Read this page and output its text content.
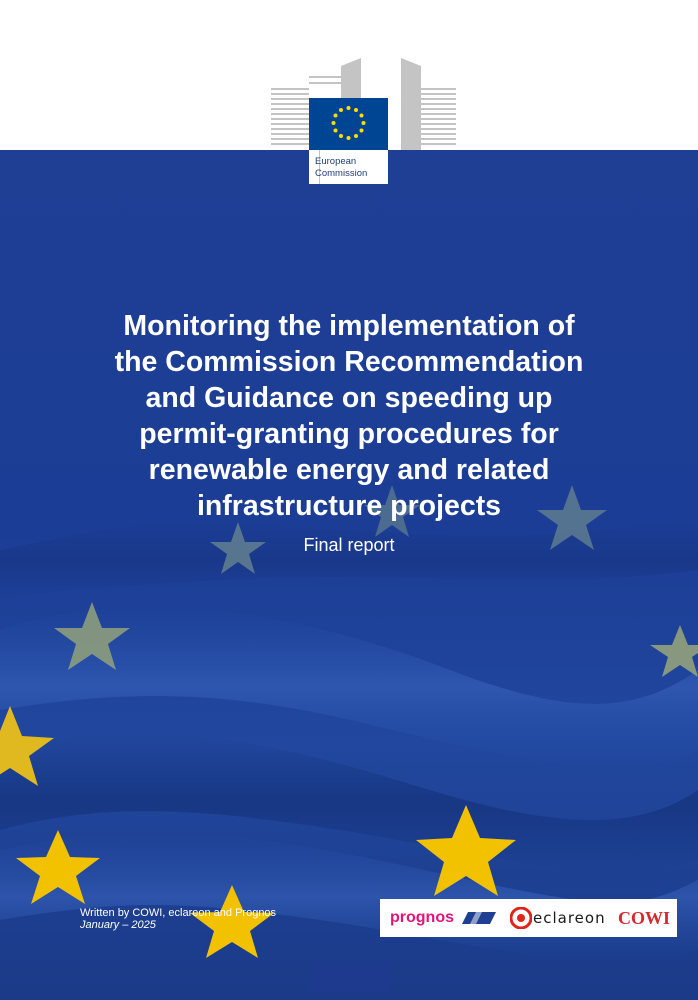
European
Commission
Monitoring the implementation of
the Commission Recommendation
and Guidance on speeding up
permit-granting procedures for
renewable energy and related
infrastructure projects
Final report
Written by COWI, eclareon and Prognos
January – 2025	prognos	eclareon COWI
